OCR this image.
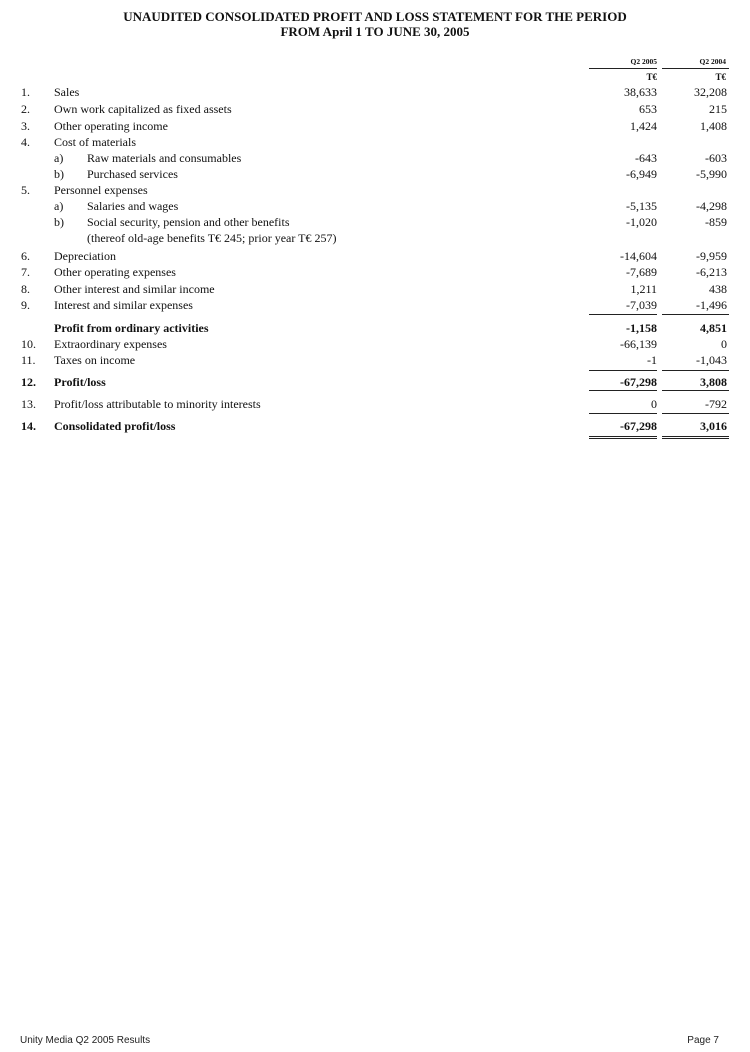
UNAUDITED CONSOLIDATED PROFIT AND LOSS STATEMENT FOR THE PERIOD
FROM April 1 TO JUNE 30, 2005
Q2 2005	Q2 2004
T€	T€
1. Sales	38,633	32,208
2. Own work capitalized as fixed assets	653	215
3. Other operating income	1,424	1,408
4. Cost of materials
a) Raw materials and consumables	-643	-603
b) Purchased services	-6,949	-5,990
5. Personnel expenses
a) Salaries and wages	-5,135	-4,298
b) Social security, pension and other benefits	-1,020	-859
(thereof old-age benefits T€ 245; prior year T€ 257)
6. Depreciation	-14,604	-9,959
7. Other operating expenses	-7,689	-6,213
8. Other interest and similar income	1,211	438
9. Interest and similar expenses	-7,039	-1,496
Profit from ordinary activities	-1,158	4,851
10. Extraordinary expenses	-66,139	0
11. Taxes on income	-1	-1,043
12. Profit/loss	-67,298	3,808
13. Profit/loss attributable to minority interests	0	-792
14. Consolidated profit/loss	-67,298	3,016
Unity Media Q2 2005 Results	Page 7
